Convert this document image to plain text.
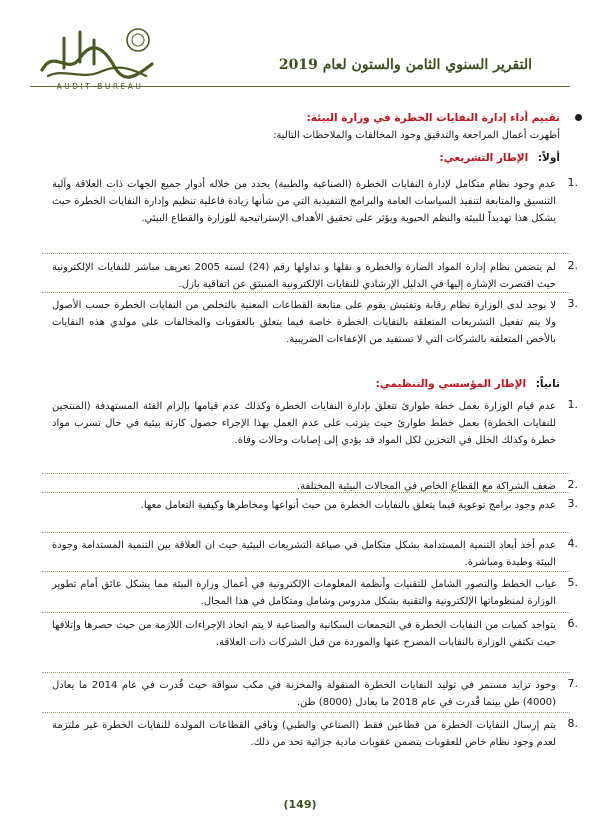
AUDIT BUREAU
التقرير السنوي الثامن والستون لعام 2019
تقييم أداء إدارة النفايات الخطرة في وزارة البيئة:
أظهرت أعمال المراجعة والتدقيق وجود المخالفات والملاحظات التالية:
أولاً: الإطار التشريعي:
1.
عدم وجود نظام متكامل لإدارة النفايات الخطرة (الصناعية والطبية) يحدد من خلاله أدوار جميع الجهات ذات العلاقة وآلية التنسيق والمتابعة لتنفيذ السياسات العامة والبرامج التنفيذية التي من شأنها زيادة فاعلية تنظيم وإدارة النفايات الخطرة حيث يشكل هذا تهديداً للبيئة والنظم الحيوية ويؤثر على تحقيق الأهداف الإستراتيجية للوزارة والقطاع البيئي.
2.
لم يتضمن نظام إدارة المواد الضارة والخطرة و نقلها و تداولها رقم (24) لسنة 2005 تعريف مباشر للنفايات الإلكترونية حيث اقتصرت الإشارة إليها في الدليل الإرشادي للنفايات الإلكترونية المنبثق عن اتفاقية بازل.
3.
لا يوجد لدى الوزارة نظام رقابة وتفتيش يقوم على متابعة القطاعات المعنية بالتخلص من النفايات الخطرة حسب الأصول ولا يتم تفعيل التشريعات المتعلقة بالنفايات الخطرة خاصة فيما يتعلق بالعقوبات والمخالفات على مولدي هذه النفايات بالأخص المتعلقة بالشركات التي لا تستفيد من الإعفاءات الضريبية.
ثانياً: الإطار المؤسسي والتنظيمي:
1.
عدم قيام الوزارة بعمل خطة طوارئ تتعلق بإدارة النفايات الخطرة وكذلك عدم قيامها بإلزام الفئة المستهدفة (المنتجين للنفايات الخطرة) بعمل خطط طوارئ حيث يترتب على عدم العمل بهذا الإجراء حصول كارثة بيئية في حال تسرب مواد خطرة وكذلك الخلل في التخزين لكل المواد قد يؤدي إلى إصابات وحالات وفاة.
2.
ضعف الشراكة مع القطاع الخاص في المجالات البيئية المختلفة.
3.
عدم وجود برامج توعوية فيما يتعلق بالنفايات الخطرة من حيث أنواعها ومخاطرها وكيفية التعامل معها.
4.
عدم أخذ أبعاد التنمية المستدامة بشكل متكامل في صياغة التشريعات البيئية حيث ان العلاقة بين التنمية المستدامة وجودة البيئة وطيدة ومباشرة.
5.
غياب الخطط والتصور الشامل للتقنيات وأنظمة المعلومات الإلكترونية في أعمال وزارة البيئة مما يشكل عائق أمام تطوير الوزارة لمنظوماتها الإلكترونية والتقنية بشكل مدروس وشامل ومتكامل في هذا المجال.
6.
يتواجد كميات من النفايات الخطرة في التجمعات السكانية والصناعية لا يتم اتخاذ الإجراءات اللازمة من حيث حصرها وإتلافها حيث تكتفي الوزارة بالنفايات المصرح عنها والموردة من قبل الشركات ذات العلاقة.
7.
وجود تزايد مستمر في توليد النفايات الخطرة المنقولة والمخزنة في مكب سواقة حيث قُدرت في عام 2014 ما يعادل (4000) طن بينما قُدرت في عام 2018 ما يعادل (8000) طن.
8.
يتم إرسال النفايات الخطرة من قطاعين فقط (الصناعي والطبي) وباقي القطاعات المولدة للنفايات الخطرة غير ملتزمة لعدم وجود نظام خاص للعقوبات يتضمن عقوبات مادية جزائية تحد من ذلك.
(149)
